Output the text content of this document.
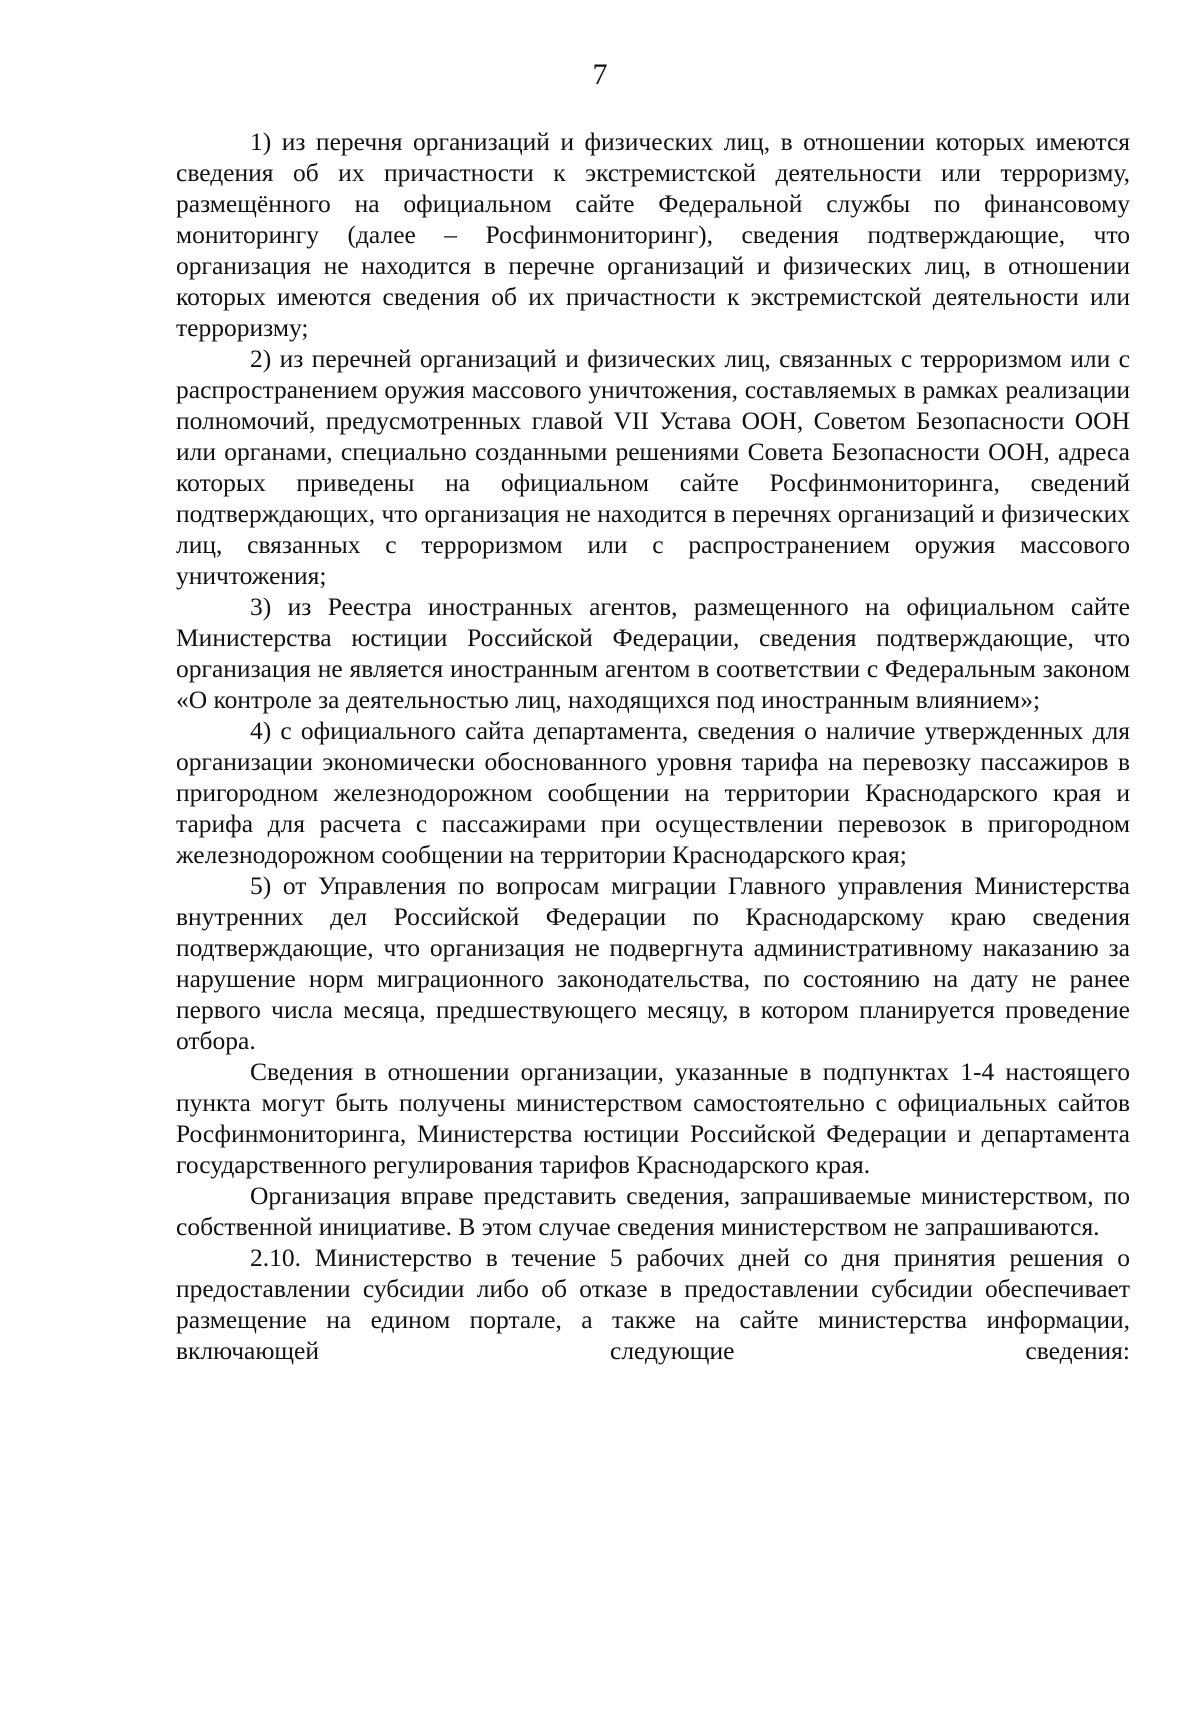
7

1) из перечня организаций и физических лиц, в отношении которых имеются сведения об их причастности к экстремистской деятельности или терроризму, размещённого на официальном сайте Федеральной службы по финансовому мониторингу (далее – Росфинмониторинг), сведения подтверждающие, что организация не находится в перечне организаций и физических лиц, в отношении которых имеются сведения об их причастности к экстремистской деятельности или терроризму;

2) из перечней организаций и физических лиц, связанных с терроризмом или с распространением оружия массового уничтожения, составляемых в рамках реализации полномочий, предусмотренных главой VII Устава ООН, Советом Безопасности ООН или органами, специально созданными решениями Совета Безопасности ООН, адреса которых приведены на официальном сайте Росфинмониторинга, сведений подтверждающих, что организация не находится в перечнях организаций и физических лиц, связанных с терроризмом или с распространением оружия массового уничтожения;

3) из Реестра иностранных агентов, размещенного на официальном сайте Министерства юстиции Российской Федерации, сведения подтверждающие, что организация не является иностранным агентом в соответствии с Федеральным законом «О контроле за деятельностью лиц, находящихся под иностранным влиянием»;

4) с официального сайта департамента, сведения о наличие утвержденных для организации экономически обоснованного уровня тарифа на перевозку пассажиров в пригородном железнодорожном сообщении на территории Краснодарского края и тарифа для расчета с пассажирами при осуществлении перевозок в пригородном железнодорожном сообщении на территории Краснодарского края;

5) от Управления по вопросам миграции Главного управления Министерства внутренних дел Российской Федерации по Краснодарскому краю сведения подтверждающие, что организация не подвергнута административному наказанию за нарушение норм миграционного законодательства, по состоянию на дату не ранее первого числа месяца, предшествующего месяцу, в котором планируется проведение отбора.

Сведения в отношении организации, указанные в подпунктах 1-4 настоящего пункта могут быть получены министерством самостоятельно с официальных сайтов Росфинмониторинга, Министерства юстиции Российской Федерации и департамента государственного регулирования тарифов Краснодарского края.

Организация вправе представить сведения, запрашиваемые министерством, по собственной инициативе. В этом случае сведения министерством не запрашиваются.

2.10. Министерство в течение 5 рабочих дней со дня принятия решения о предоставлении субсидии либо об отказе в предоставлении субсидии обеспечивает размещение на едином портале, а также на сайте министерства информации, включающей следующие сведения:
